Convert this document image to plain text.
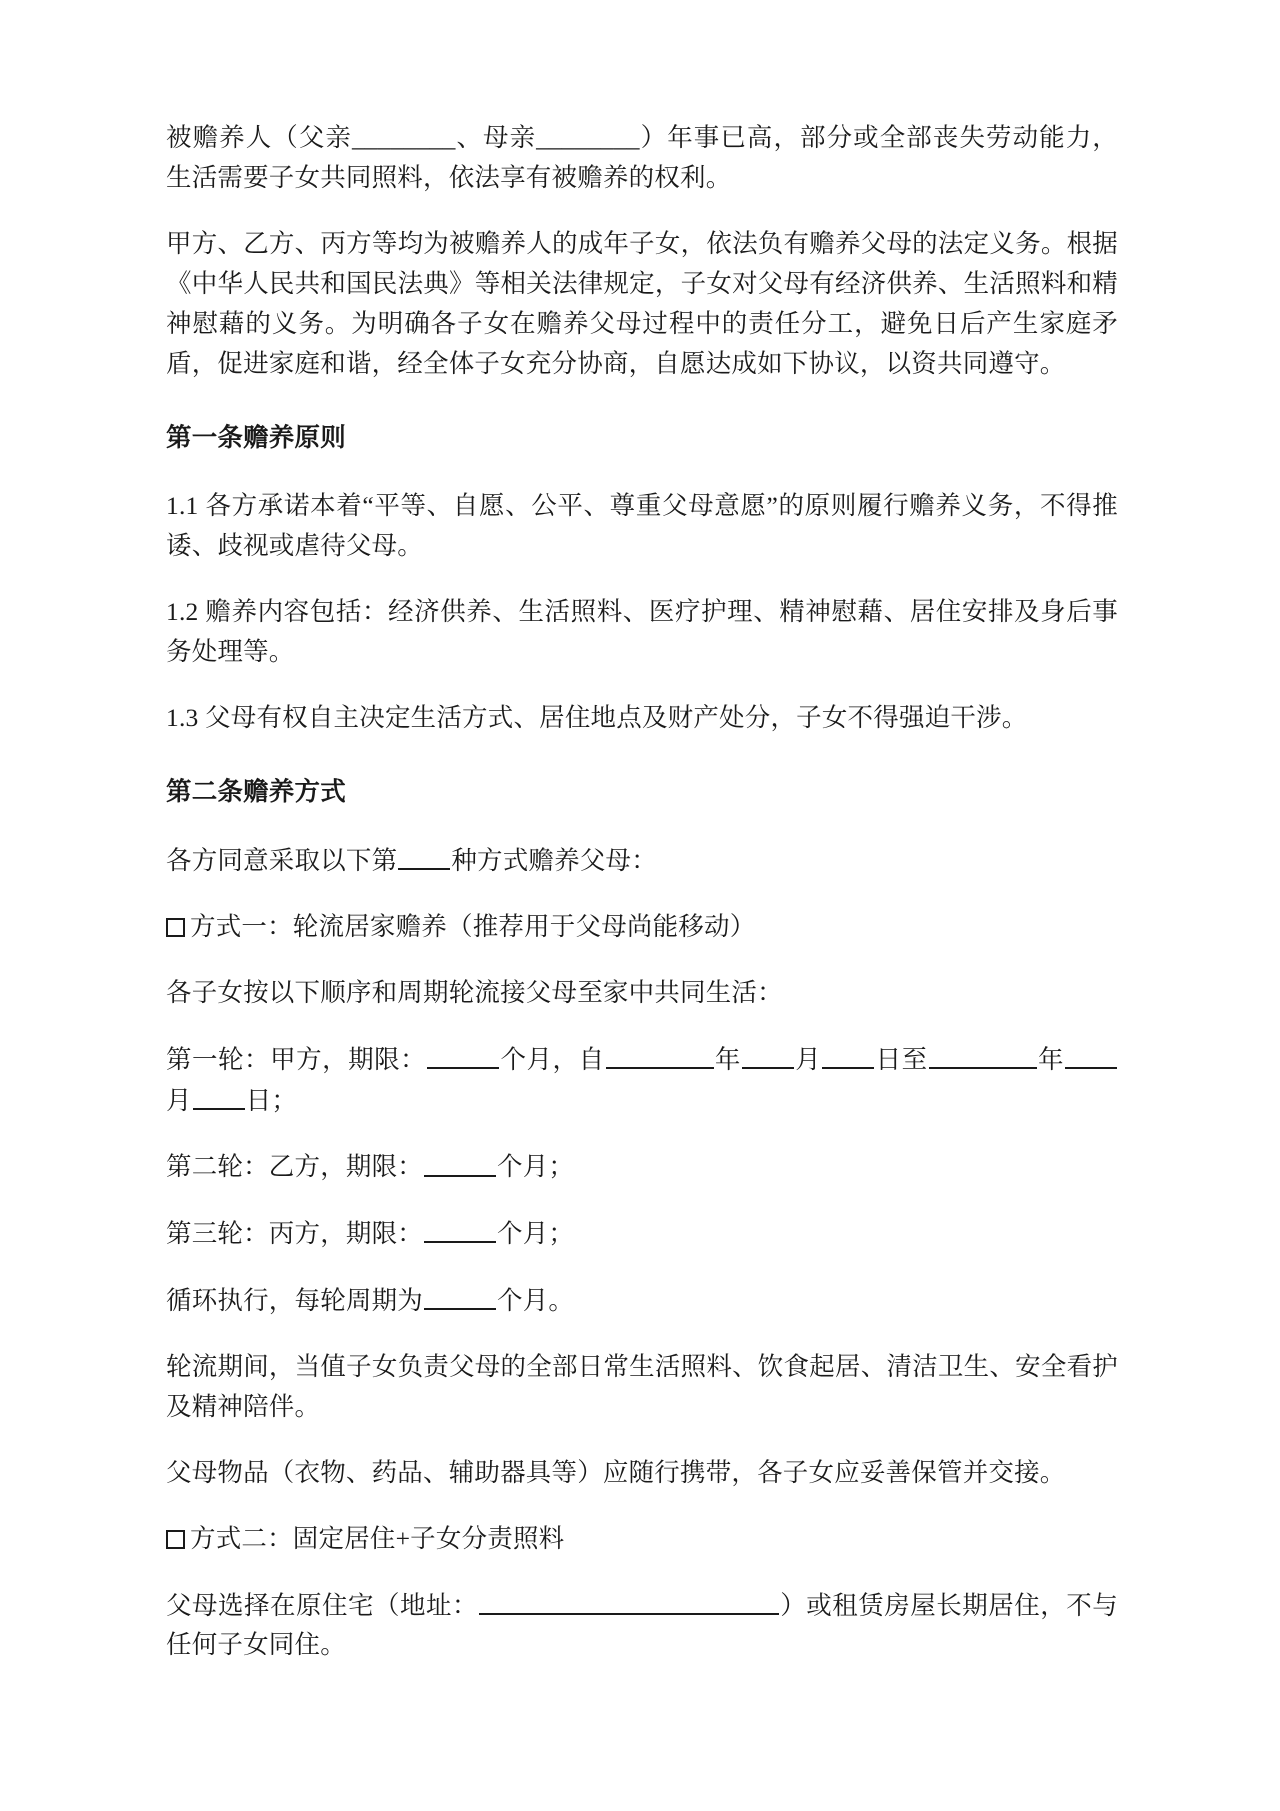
被赡养人（父亲________、母亲________）年事已高，部分或全部丧失劳动能力，生活需要子女共同照料，依法享有被赡养的权利。

甲方、乙方、丙方等均为被赡养人的成年子女，依法负有赡养父母的法定义务。根据《中华人民共和国民法典》等相关法律规定，子女对父母有经济供养、生活照料和精神慰藉的义务。为明确各子女在赡养父母过程中的责任分工，避免日后产生家庭矛盾，促进家庭和谐，经全体子女充分协商，自愿达成如下协议，以资共同遵守。

第一条赡养原则

1.1 各方承诺本着“平等、自愿、公平、尊重父母意愿”的原则履行赡养义务，不得推诿、歧视或虐待父母。

1.2 赡养内容包括：经济供养、生活照料、医疗护理、精神慰藉、居住安排及身后事务处理等。

1.3 父母有权自主决定生活方式、居住地点及财产处分，子女不得强迫干涉。

第二条赡养方式

各方同意采取以下第 种方式赡养父母：

方式一：轮流居家赡养（推荐用于父母尚能移动）

各子女按以下顺序和周期轮流接父母至家中共同生活：

第一轮：甲方，期限：	个月，自	年 月 日至	年月 日；

第二轮：乙方，期限：	个月；

第三轮：丙方，期限：	个月；

循环执行，每轮周期为	个月。

轮流期间，当值子女负责父母的全部日常生活照料、饮食起居、清洁卫生、安全看护及精神陪伴。

父母物品（衣物、药品、辅助器具等）应随行携带，各子女应妥善保管并交接。

方式二：固定居住+子女分责照料

父母选择在原住宅（地址：	）或租赁房屋长期居住，不与任何子女同住。
